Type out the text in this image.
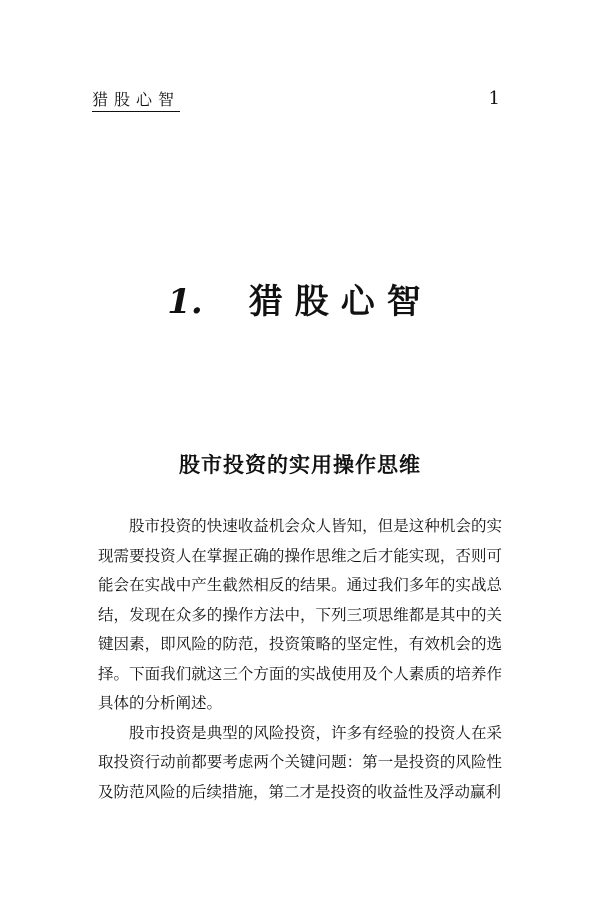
猎股心智	1
1. 猎股心智
股市投资的实用操作思维

股市投资的快速收益机会众人皆知，但是这种机会的实现需要投资人在掌握正确的操作思维之后才能实现，否则可能会在实战中产生截然相反的结果。通过我们多年的实战总结，发现在众多的操作方法中，下列三项思维都是其中的关键因素，即风险的防范，投资策略的坚定性，有效机会的选择。下面我们就这三个方面的实战使用及个人素质的培养作具体的分析阐述。

股市投资是典型的风险投资，许多有经验的投资人在采取投资行动前都要考虑两个关键问题：第一是投资的风险性及防范风险的后续措施，第二才是投资的收益性及浮动赢利
